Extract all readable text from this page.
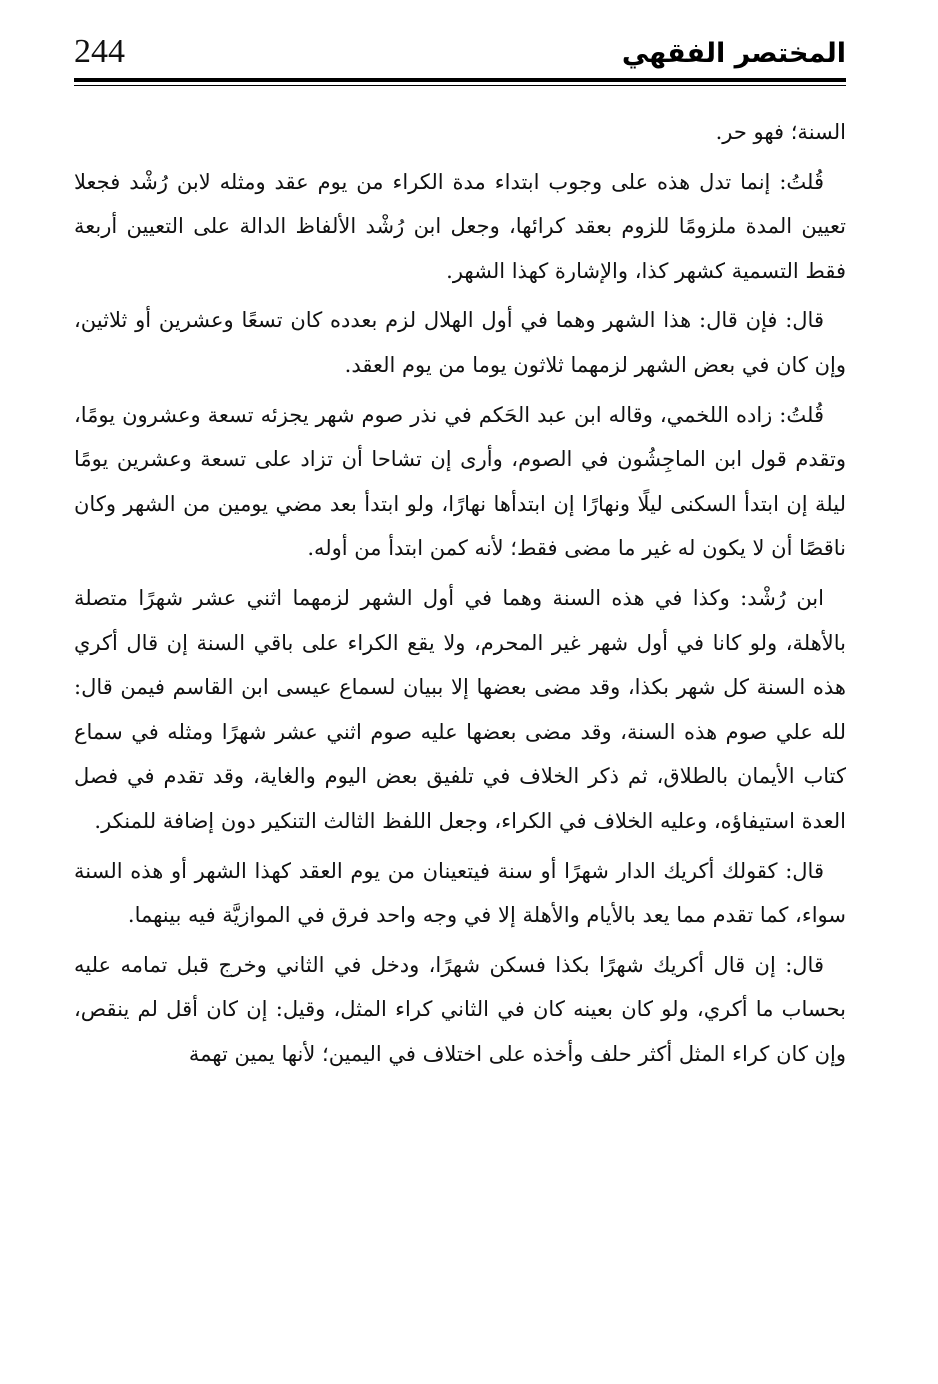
244	المختصر الفقهي

السنة؛ فهو حر.

قُلتُ: إنما تدل هذه على وجوب ابتداء مدة الكراء من يوم عقد ومثله لابن رُشْد فجعلا تعيين المدة ملزومًا للزوم بعقد كرائها، وجعل ابن رُشْد الألفاظ الدالة على التعيين أربعة فقط التسمية كشهر كذا، والإشارة كهذا الشهر.

قال: فإن قال: هذا الشهر وهما في أول الهلال لزم بعدده كان تسعًا وعشرين أو ثلاثين، وإن كان في بعض الشهر لزمهما ثلاثون يوما من يوم العقد.

قُلتُ: زاده اللخمي، وقاله ابن عبد الحَكم في نذر صوم شهر يجزئه تسعة وعشرون يومًا، وتقدم قول ابن الماجِشُون في الصوم، وأرى إن تشاحا أن تزاد على تسعة وعشرين يومًا ليلة إن ابتدأ السكنى ليلًا ونهارًا إن ابتدأها نهارًا، ولو ابتدأ بعد مضي يومين من الشهر وكان ناقصًا أن لا يكون له غير ما مضى فقط؛ لأنه كمن ابتدأ من أوله.

ابن رُشْد: وكذا في هذه السنة وهما في أول الشهر لزمهما اثني عشر شهرًا متصلة بالأهلة، ولو كانا في أول شهر غير المحرم، ولا يقع الكراء على باقي السنة إن قال أكري هذه السنة كل شهر بكذا، وقد مضى بعضها إلا ببيان لسماع عيسى ابن القاسم فيمن قال: لله علي صوم هذه السنة، وقد مضى بعضها عليه صوم اثني عشر شهرًا ومثله في سماع كتاب الأيمان بالطلاق، ثم ذكر الخلاف في تلفيق بعض اليوم والغاية، وقد تقدم في فصل العدة استيفاؤه، وعليه الخلاف في الكراء، وجعل اللفظ الثالث التنكير دون إضافة للمنكر.

قال: كقولك أكريك الدار شهرًا أو سنة فيتعينان من يوم العقد كهذا الشهر أو هذه السنة سواء، كما تقدم مما يعد بالأيام والأهلة إلا في وجه واحد فرق في الموازيَّة فيه بينهما.

قال: إن قال أكريك شهرًا بكذا فسكن شهرًا، ودخل في الثاني وخرج قبل تمامه عليه بحساب ما أكري، ولو كان بعينه كان في الثاني كراء المثل، وقيل: إن كان أقل لم ينقص، وإن كان كراء المثل أكثر حلف وأخذه على اختلاف في اليمين؛ لأنها يمين تهمة
